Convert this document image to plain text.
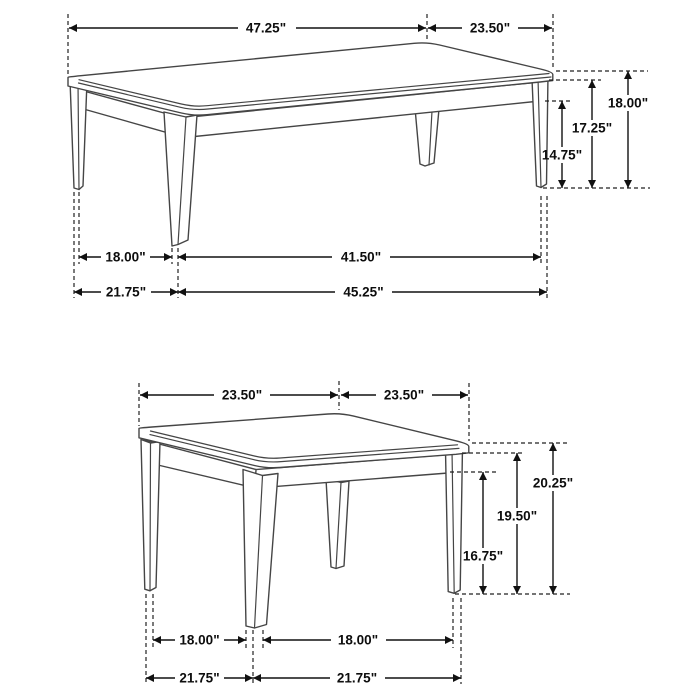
47.25"	23.50"
18.00"
17.25"
14.75"
18.00"	41.50"
21.75"	45.25"
23.50"	23.50"
20.25"
19.50"
16.75"
18.00"	18.00"
21.75"	21.75"
